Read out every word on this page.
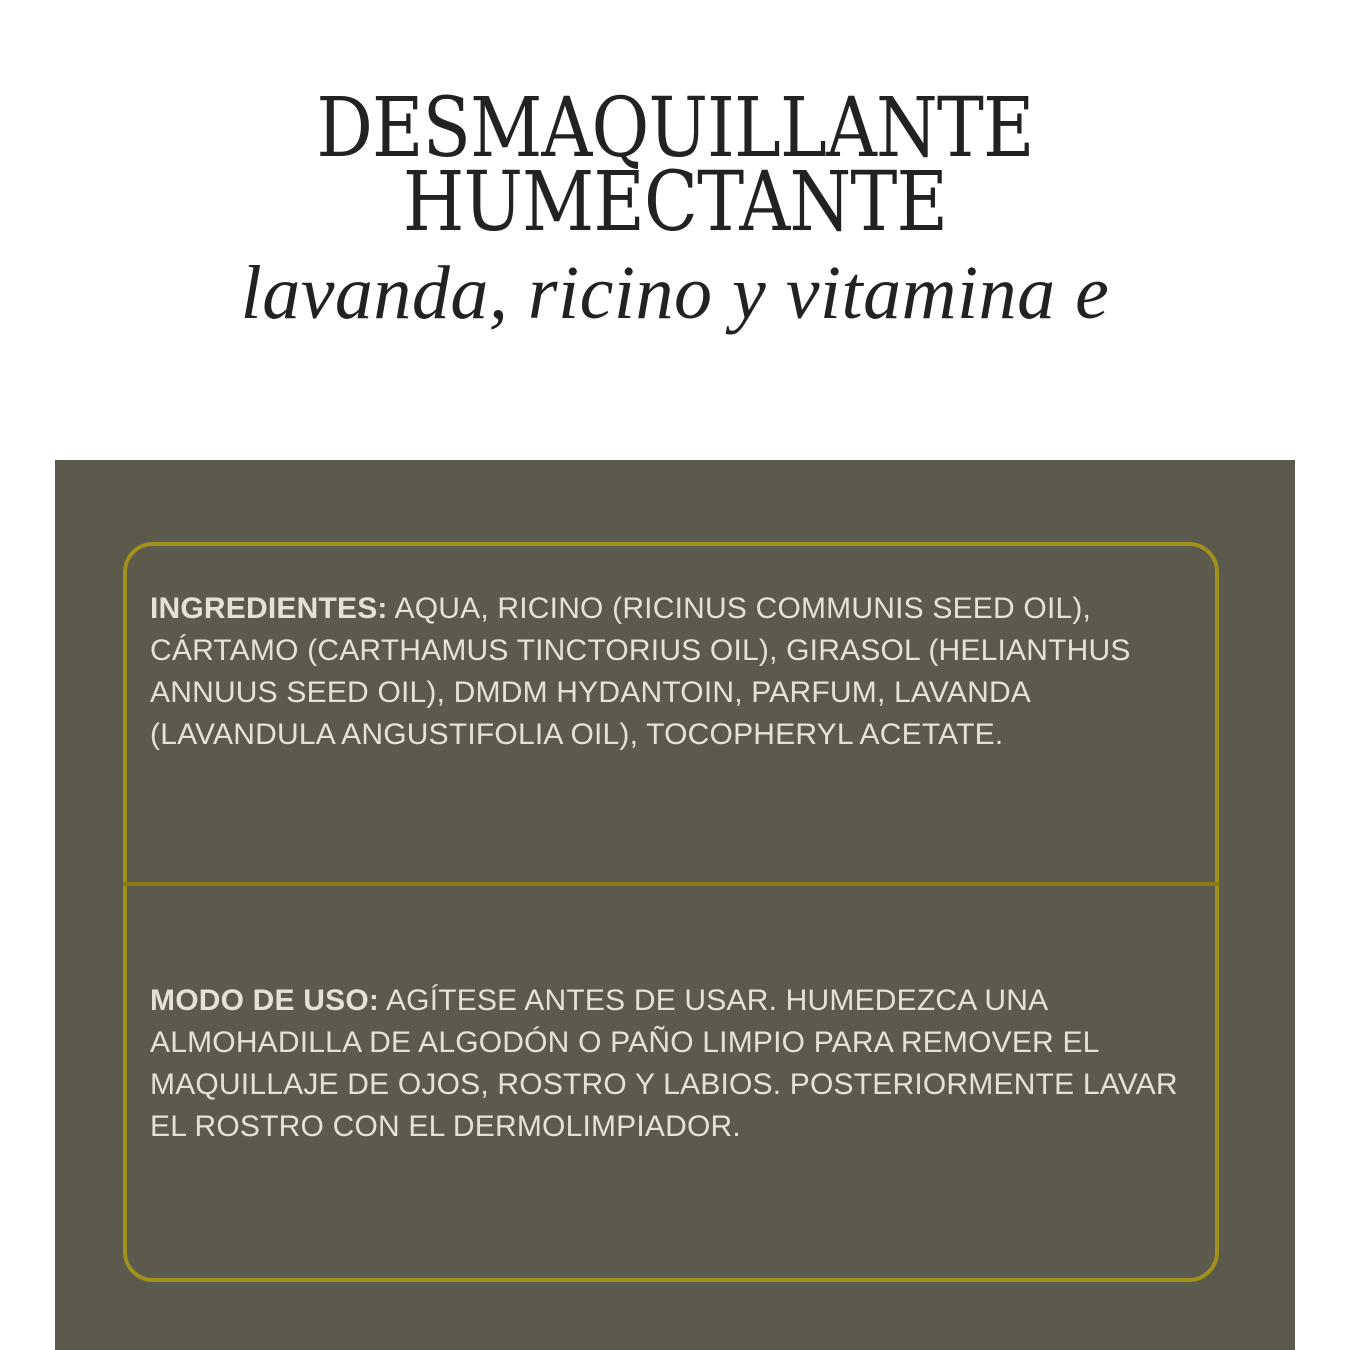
DESMAQUILLANTE
HUMECTANTE
lavanda, ricino y vitamina e

INGREDIENTES: AQUA, RICINO (RICINUS COMMUNIS SEED OIL), CÁRTAMO (CARTHAMUS TINCTORIUS OIL), GIRASOL (HELIANTHUS ANNUUS SEED OIL), DMDM HYDANTOIN, PARFUM, LAVANDA (LAVANDULA ANGUSTIFOLIA OIL), TOCOPHERYL ACETATE.

MODO DE USO: AGÍTESE ANTES DE USAR. HUMEDEZCA UNA ALMOHADILLA DE ALGODÓN O PAÑO LIMPIO PARA REMOVER EL MAQUILLAJE DE OJOS, ROSTRO Y LABIOS. POSTERIORMENTE LAVAR EL ROSTRO CON EL DERMOLIMPIADOR.
